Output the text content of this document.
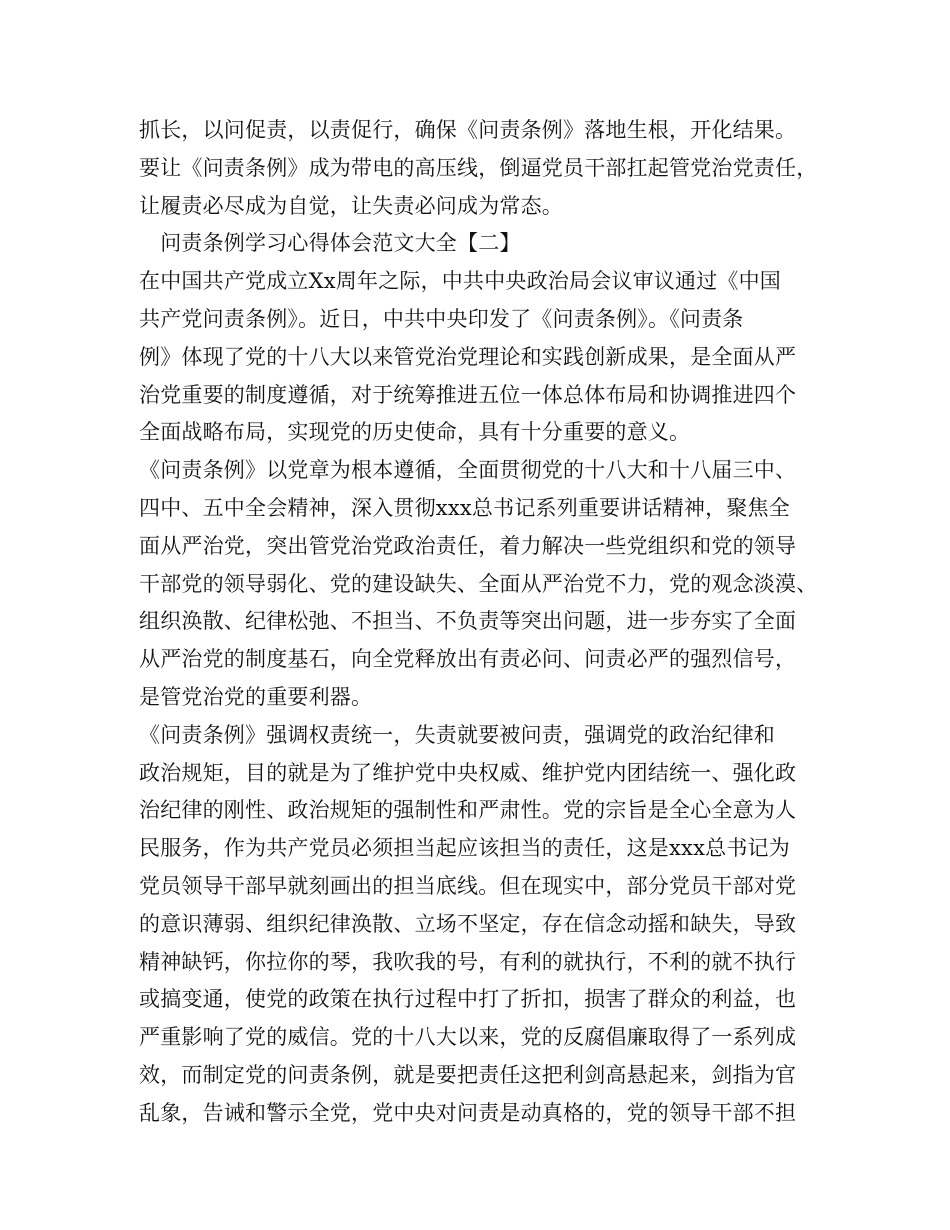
抓长，以问促责，以责促行，确保《问责条例》落地生根，开化结果。
要让《问责条例》成为带电的高压线，倒逼党员干部扛起管党治党责任，
让履责必尽成为自觉，让失责必问成为常态。
　问责条例学习心得体会范文大全【二】
在中国共产党成立Xx周年之际，中共中央政治局会议审议通过《中国
共产党问责条例》。近日，中共中央印发了《问责条例》。《问责条
例》体现了党的十八大以来管党治党理论和实践创新成果，是全面从严
治党重要的制度遵循，对于统筹推进五位一体总体布局和协调推进四个
全面战略布局，实现党的历史使命，具有十分重要的意义。
《问责条例》以党章为根本遵循，全面贯彻党的十八大和十八届三中、
四中、五中全会精神，深入贯彻xxx总书记系列重要讲话精神，聚焦全
面从严治党，突出管党治党政治责任，着力解决一些党组织和党的领导
干部党的领导弱化、党的建设缺失、全面从严治党不力，党的观念淡漠、
组织涣散、纪律松弛、不担当、不负责等突出问题，进一步夯实了全面
从严治党的制度基石，向全党释放出有责必问、问责必严的强烈信号，
是管党治党的重要利器。
《问责条例》强调权责统一，失责就要被问责，强调党的政治纪律和
政治规矩，目的就是为了维护党中央权威、维护党内团结统一、强化政
治纪律的刚性、政治规矩的强制性和严肃性。党的宗旨是全心全意为人
民服务，作为共产党员必须担当起应该担当的责任，这是xxx总书记为
党员领导干部早就刻画出的担当底线。但在现实中，部分党员干部对党
的意识薄弱、组织纪律涣散、立场不坚定，存在信念动摇和缺失，导致
精神缺钙，你拉你的琴，我吹我的号，有利的就执行，不利的就不执行
或搞变通，使党的政策在执行过程中打了折扣，损害了群众的利益，也
严重影响了党的威信。党的十八大以来，党的反腐倡廉取得了一系列成
效，而制定党的问责条例，就是要把责任这把利剑高悬起来，剑指为官
乱象，告诫和警示全党，党中央对问责是动真格的，党的领导干部不担
